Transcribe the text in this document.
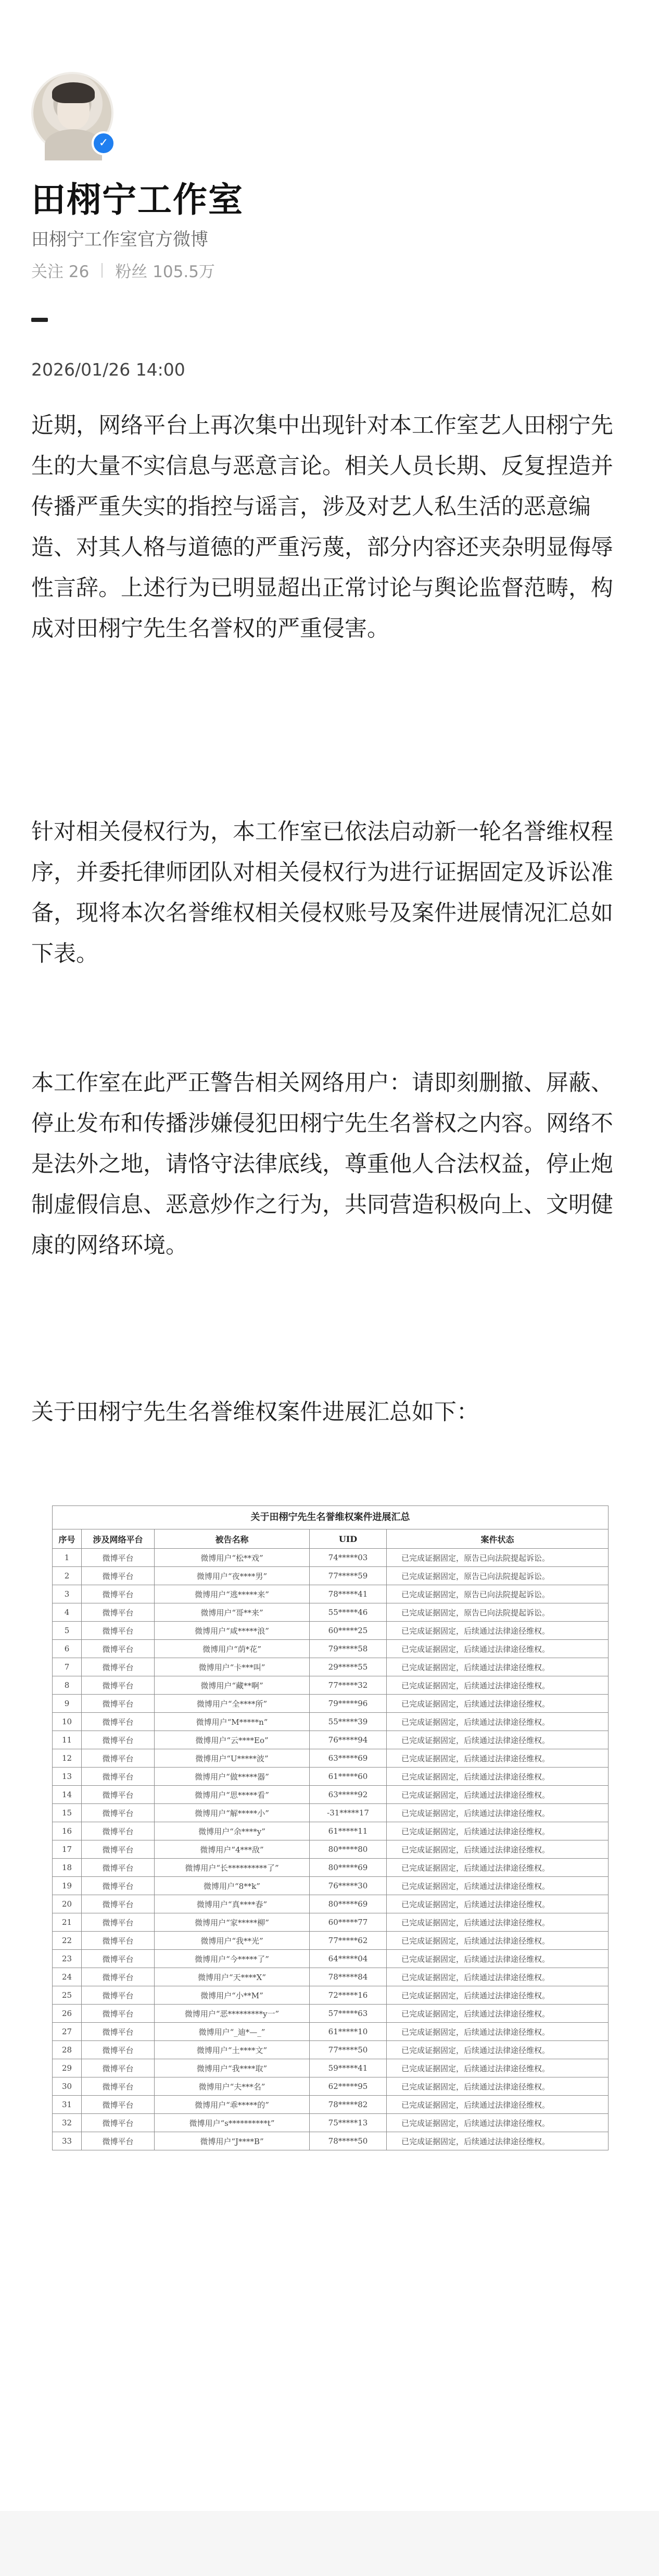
✓
田栩宁工作室
田栩宁工作室官方微博
关注 26 粉丝 105.5万
2026/01/26 14:00
近期，网络平台上再次集中出现针对本工作室艺人田栩宁先生的大量不实信息与恶意言论。相关人员长期、反复捏造并传播严重失实的指控与谣言，涉及对艺人私生活的恶意编造、对其人格与道德的严重污蔑，部分内容还夹杂明显侮辱性言辞。上述行为已明显超出正常讨论与舆论监督范畴，构成对田栩宁先生名誉权的严重侵害。
针对相关侵权行为，本工作室已依法启动新一轮名誉维权程序，并委托律师团队对相关侵权行为进行证据固定及诉讼准备，现将本次名誉维权相关侵权账号及案件进展情况汇总如下表。
本工作室在此严正警告相关网络用户：请即刻删撤、屏蔽、停止发布和传播涉嫌侵犯田栩宁先生名誉权之内容。网络不是法外之地，请恪守法律底线，尊重他人合法权益，停止炮制虚假信息、恶意炒作之行为，共同营造积极向上、文明健康的网络环境。
关于田栩宁先生名誉维权案件进展汇总如下：
关于田栩宁先生名誉维权案件进展汇总
序号	涉及网络平台	被告名称	UID	案件状态
1	微博平台	微博用户“松**戏”	74*****03	已完成证据固定，原告已向法院提起诉讼。
2	微博平台	微博用户“夜****男”	77*****59	已完成证据固定，原告已向法院提起诉讼。
3	微博平台	微博用户“逃*****来”	78*****41	已完成证据固定，原告已向法院提起诉讼。
4	微博平台	微博用户“哥**来”	55*****46	已完成证据固定，原告已向法院提起诉讼。
5	微博平台	微博用户“咸*****浪”	60*****25	已完成证据固定，后续通过法律途径维权。
6	微博平台	微博用户“荫*花”	79*****58	已完成证据固定，后续通过法律途径维权。
7	微博平台	微博用户“卡***叫”	29*****55	已完成证据固定，后续通过法律途径维权。
8	微博平台	微博用户“藏**啊”	77*****32	已完成证据固定，后续通过法律途径维权。
9	微博平台	微博用户“全****所”	79*****96	已完成证据固定，后续通过法律途径维权。
10	微博平台	微博用户“M*****n”	55*****39	已完成证据固定，后续通过法律途径维权。
11	微博平台	微博用户“云****Eo”	76*****94	已完成证据固定，后续通过法律途径维权。
12	微博平台	微博用户“U*****波”	63*****69	已完成证据固定，后续通过法律途径维权。
13	微博平台	微博用户“做*****器”	61*****60	已完成证据固定，后续通过法律途径维权。
14	微博平台	微博用户“思*****看”	63*****92	已完成证据固定，后续通过法律途径维权。
15	微博平台	微博用户“解*****小”	-31*****17	已完成证据固定，后续通过法律途径维权。
16	微博平台	微博用户“余****y”	61*****11	已完成证据固定，后续通过法律途径维权。
17	微博平台	微博用户“4***敌”	80*****80	已完成证据固定，后续通过法律途径维权。
18	微博平台	微博用户“长**********了”	80*****69	已完成证据固定，后续通过法律途径维权。
19	微博平台	微博用户“8**k”	76*****30	已完成证据固定，后续通过法律途径维权。
20	微博平台	微博用户“真****春”	80*****69	已完成证据固定，后续通过法律途径维权。
21	微博平台	微博用户“家*****柳”	60*****77	已完成证据固定，后续通过法律途径维权。
22	微博平台	微博用户“我**光”	77*****62	已完成证据固定，后续通过法律途径维权。
23	微博平台	微博用户“今*****了”	64*****04	已完成证据固定，后续通过法律途径维权。
24	微博平台	微博用户“天****X”	78*****84	已完成证据固定，后续通过法律途径维权。
25	微博平台	微博用户“小**M”	72*****16	已完成证据固定，后续通过法律途径维权。
26	微博平台	微博用户“恶*********y一”	57*****63	已完成证据固定，后续通过法律途径维权。
27	微博平台	微博用户“_迪*—_”	61*****10	已完成证据固定，后续通过法律途径维权。
28	微博平台	微博用户“土****文”	77*****50	已完成证据固定，后续通过法律途径维权。
29	微博平台	微博用户“我****取”	59*****41	已完成证据固定，后续通过法律途径维权。
30	微博平台	微博用户“夫***名”	62*****95	已完成证据固定，后续通过法律途径维权。
31	微博平台	微博用户“乖*****的”	78*****82	已完成证据固定，后续通过法律途径维权。
32	微博平台	微博用户“s**********t”	75*****13	已完成证据固定，后续通过法律途径维权。
33	微博平台	微博用户“J****B”	78*****50	已完成证据固定，后续通过法律途径维权。
